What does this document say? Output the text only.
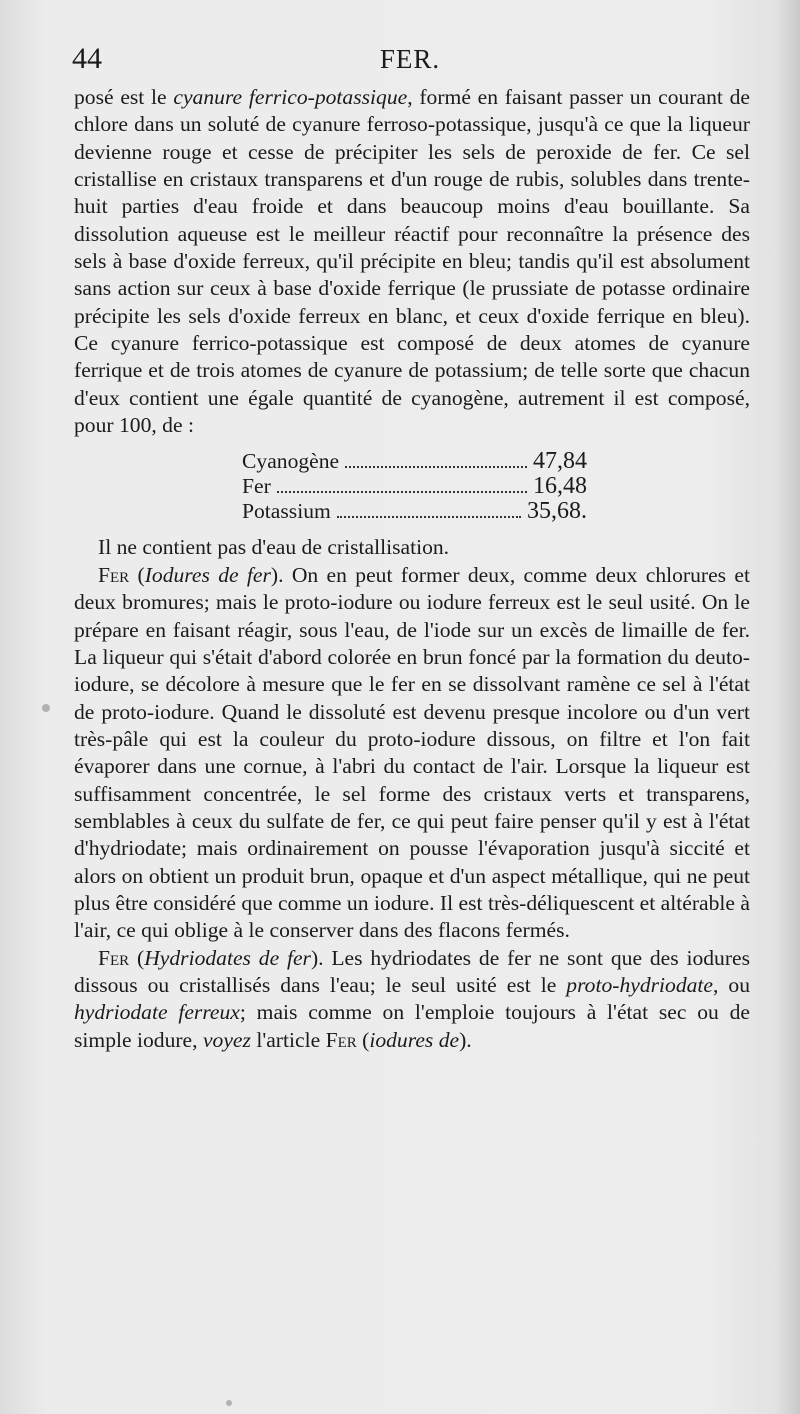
44	FER.

posé est le cyanure ferrico-potassique, formé en faisant passer un courant de chlore dans un soluté de cyanure ferroso-potassique, jusqu'à ce que la liqueur devienne rouge et cesse de précipiter les sels de peroxide de fer. Ce sel cristallise en cristaux transparens et d'un rouge de rubis, solubles dans trente-huit parties d'eau froide et dans beaucoup moins d'eau bouillante. Sa dissolution aqueuse est le meilleur réactif pour reconnaître la présence des sels à base d'oxide ferreux, qu'il précipite en bleu; tandis qu'il est absolument sans action sur ceux à base d'oxide ferrique (le prussiate de potasse ordinaire précipite les sels d'oxide ferreux en blanc, et ceux d'oxide ferrique en bleu). Ce cyanure ferrico-potassique est composé de deux atomes de cyanure ferrique et de trois atomes de cyanure de potassium; de telle sorte que chacun d'eux contient une égale quantité de cyanogène, autrement il est composé, pour 100, de :

Cyanogène	47,84
Fer	16,48
Potassium	35,68.

Il ne contient pas d'eau de cristallisation.

Fer (Iodures de fer). On en peut former deux, comme deux chlorures et deux bromures; mais le proto-iodure ou iodure ferreux est le seul usité. On le prépare en faisant réagir, sous l'eau, de l'iode sur un excès de limaille de fer. La liqueur qui s'était d'abord colorée en brun foncé par la formation du deuto-iodure, se décolore à mesure que le fer en se dissolvant ramène ce sel à l'état de proto-iodure. Quand le dissoluté est devenu presque incolore ou d'un vert très-pâle qui est la couleur du proto-iodure dissous, on filtre et l'on fait évaporer dans une cornue, à l'abri du contact de l'air. Lorsque la liqueur est suffisamment concentrée, le sel forme des cristaux verts et transparens, semblables à ceux du sulfate de fer, ce qui peut faire penser qu'il y est à l'état d'hydriodate; mais ordinairement on pousse l'évaporation jusqu'à siccité et alors on obtient un produit brun, opaque et d'un aspect métallique, qui ne peut plus être considéré que comme un iodure. Il est très-déliquescent et altérable à l'air, ce qui oblige à le conserver dans des flacons fermés.

Fer (Hydriodates de fer). Les hydriodates de fer ne sont que des iodures dissous ou cristallisés dans l'eau; le seul usité est le proto-hydriodate, ou hydriodate ferreux; mais comme on l'emploie toujours à l'état sec ou de simple iodure, voyez l'article Fer (iodures de).
